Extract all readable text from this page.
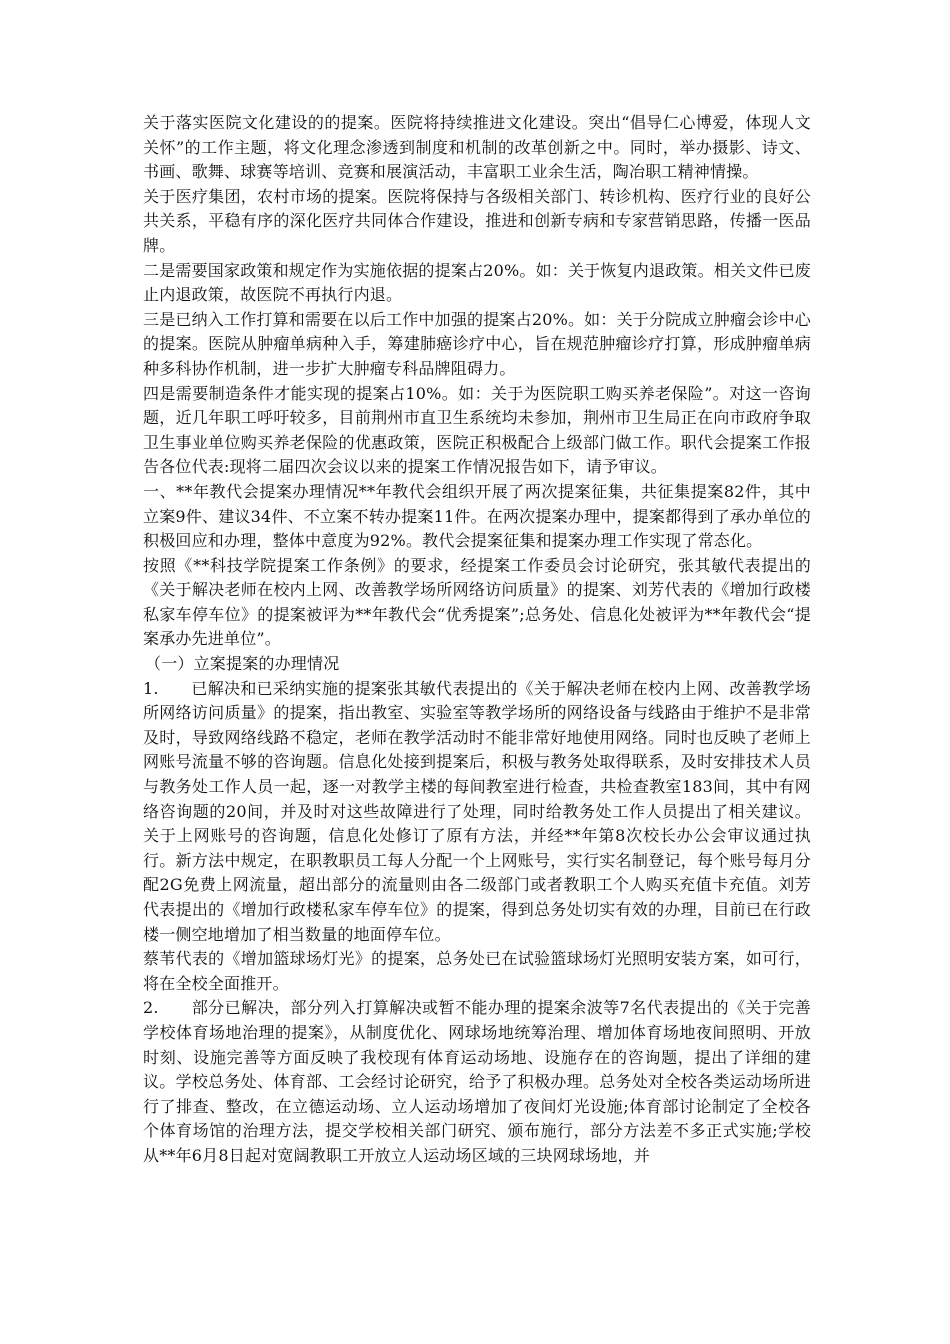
关于落实医院文化建设的的提案。医院将持续推进文化建设。突出“倡导仁心博爱，体现人文关怀”的工作主题，将文化理念渗透到制度和机制的改革创新之中。同时，举办摄影、诗文、书画、歌舞、球赛等培训、竞赛和展演活动，丰富职工业余生活，陶冶职工精神情操。

关于医疗集团，农村市场的提案。医院将保持与各级相关部门、转诊机构、医疗行业的良好公共关系，平稳有序的深化医疗共同体合作建设，推进和创新专病和专家营销思路，传播一医品牌。

二是需要国家政策和规定作为实施依据的提案占20%。如：关于恢复内退政策。相关文件已废止内退政策，故医院不再执行内退。

三是已纳入工作打算和需要在以后工作中加强的提案占20%。如：关于分院成立肿瘤会诊中心的提案。医院从肿瘤单病种入手，筹建肺癌诊疗中心，旨在规范肿瘤诊疗打算，形成肿瘤单病种多科协作机制，进一步扩大肿瘤专科品牌阻碍力。

四是需要制造条件才能实现的提案占10%。如：关于为医院职工购买养老保险”。对这一咨询题，近几年职工呼吁较多，目前荆州市直卫生系统均未参加，荆州市卫生局正在向市政府争取卫生事业单位购买养老保险的优惠政策，医院正积极配合上级部门做工作。职代会提案工作报告各位代表:现将二届四次会议以来的提案工作情况报告如下，请予审议。

一、**年教代会提案办理情况**年教代会组织开展了两次提案征集，共征集提案82件，其中立案9件、建议34件、不立案不转办提案11件。在两次提案办理中，提案都得到了承办单位的积极回应和办理，整体中意度为92%。教代会提案征集和提案办理工作实现了常态化。

按照《**科技学院提案工作条例》的要求，经提案工作委员会讨论研究，张其敏代表提出的《关于解决老师在校内上网、改善教学场所网络访问质量》的提案、刘芳代表的《增加行政楼私家车停车位》的提案被评为**年教代会“优秀提案”;总务处、信息化处被评为**年教代会“提案承办先进单位”。

（一）立案提案的办理情况

1.　　已解决和已采纳实施的提案张其敏代表提出的《关于解决老师在校内上网、改善教学场所网络访问质量》的提案，指出教室、实验室等教学场所的网络设备与线路由于维护不是非常及时，导致网络线路不稳定，老师在教学活动时不能非常好地使用网络。同时也反映了老师上网账号流量不够的咨询题。信息化处接到提案后，积极与教务处取得联系，及时安排技术人员与教务处工作人员一起，逐一对教学主楼的每间教室进行检查，共检查教室183间，其中有网络咨询题的20间，并及时对这些故障进行了处理，同时给教务处工作人员提出了相关建议。关于上网账号的咨询题，信息化处修订了原有方法，并经**年第8次校长办公会审议通过执行。新方法中规定，在职教职员工每人分配一个上网账号，实行实名制登记，每个账号每月分配2G免费上网流量，超出部分的流量则由各二级部门或者教职工个人购买充值卡充值。刘芳代表提出的《增加行政楼私家车停车位》的提案，得到总务处切实有效的办理，目前已在行政楼一侧空地增加了相当数量的地面停车位。

蔡苇代表的《增加篮球场灯光》的提案，总务处已在试验篮球场灯光照明安装方案，如可行，将在全校全面推开。

2.　　部分已解决，部分列入打算解决或暂不能办理的提案余波等7名代表提出的《关于完善学校体育场地治理的提案》，从制度优化、网球场地统筹治理、增加体育场地夜间照明、开放时刻、设施完善等方面反映了我校现有体育运动场地、设施存在的咨询题，提出了详细的建议。学校总务处、体育部、工会经讨论研究，给予了积极办理。总务处对全校各类运动场所进行了排查、整改，在立德运动场、立人运动场增加了夜间灯光设施;体育部讨论制定了全校各个体育场馆的治理方法，提交学校相关部门研究、颁布施行，部分方法差不多正式实施;学校从**年6月8日起对宽阔教职工开放立人运动场区域的三块网球场地，并
